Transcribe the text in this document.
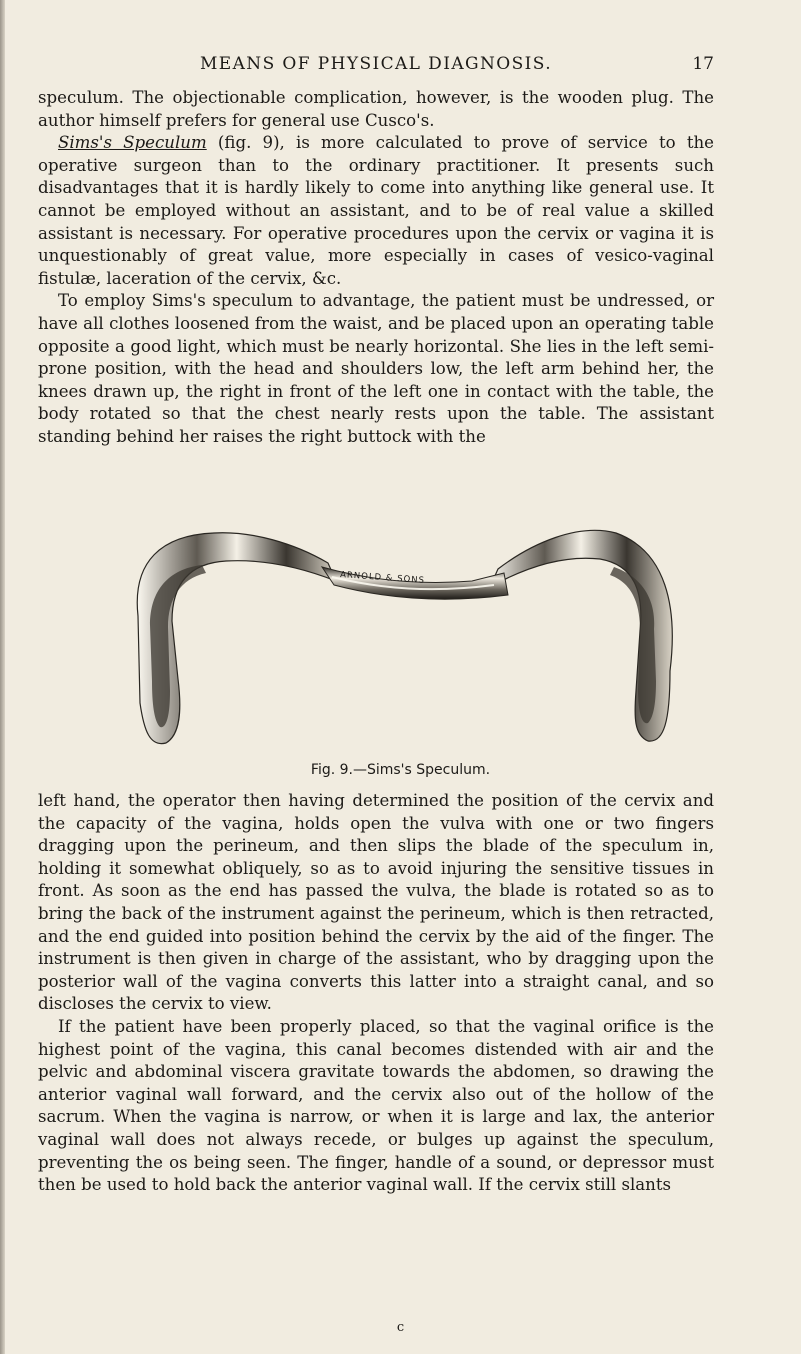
MEANS OF PHYSICAL DIAGNOSIS.	17

speculum. The objectionable complication, however, is the wooden plug. The author himself prefers for general use Cusco's.

Sims's Speculum (fig. 9), is more calculated to prove of service to the operative surgeon than to the ordinary practitioner. It presents such disadvantages that it is hardly likely to come into anything like general use. It cannot be employed without an assistant, and to be of real value a skilled assistant is necessary. For operative procedures upon the cervix or vagina it is unquestionably of great value, more especially in cases of vesico-vaginal fistulæ, laceration of the cervix, &c.

To employ Sims's speculum to advantage, the patient must be undressed, or have all clothes loosened from the waist, and be placed upon an operating table opposite a good light, which must be nearly horizontal. She lies in the left semi-prone position, with the head and shoulders low, the left arm behind her, the knees drawn up, the right in front of the left one in contact with the table, the body rotated so that the chest nearly rests upon the table. The assistant standing behind her raises the right buttock with the

ARNOLD & SONS
Fig. 9.—Sims's Speculum.

left hand, the operator then having determined the position of the cervix and the capacity of the vagina, holds open the vulva with one or two fingers dragging upon the perineum, and then slips the blade of the speculum in, holding it somewhat obliquely, so as to avoid injuring the sensitive tissues in front. As soon as the end has passed the vulva, the blade is rotated so as to bring the back of the instrument against the perineum, which is then retracted, and the end guided into position behind the cervix by the aid of the finger. The instrument is then given in charge of the assistant, who by dragging upon the posterior wall of the vagina converts this latter into a straight canal, and so discloses the cervix to view.

If the patient have been properly placed, so that the vaginal orifice is the highest point of the vagina, this canal becomes distended with air and the pelvic and abdominal viscera gravitate towards the abdomen, so drawing the anterior vaginal wall forward, and the cervix also out of the hollow of the sacrum. When the vagina is narrow, or when it is large and lax, the anterior vaginal wall does not always recede, or bulges up against the speculum, preventing the os being seen. The finger, handle of a sound, or depressor must then be used to hold back the anterior vaginal wall. If the cervix still slants

c
